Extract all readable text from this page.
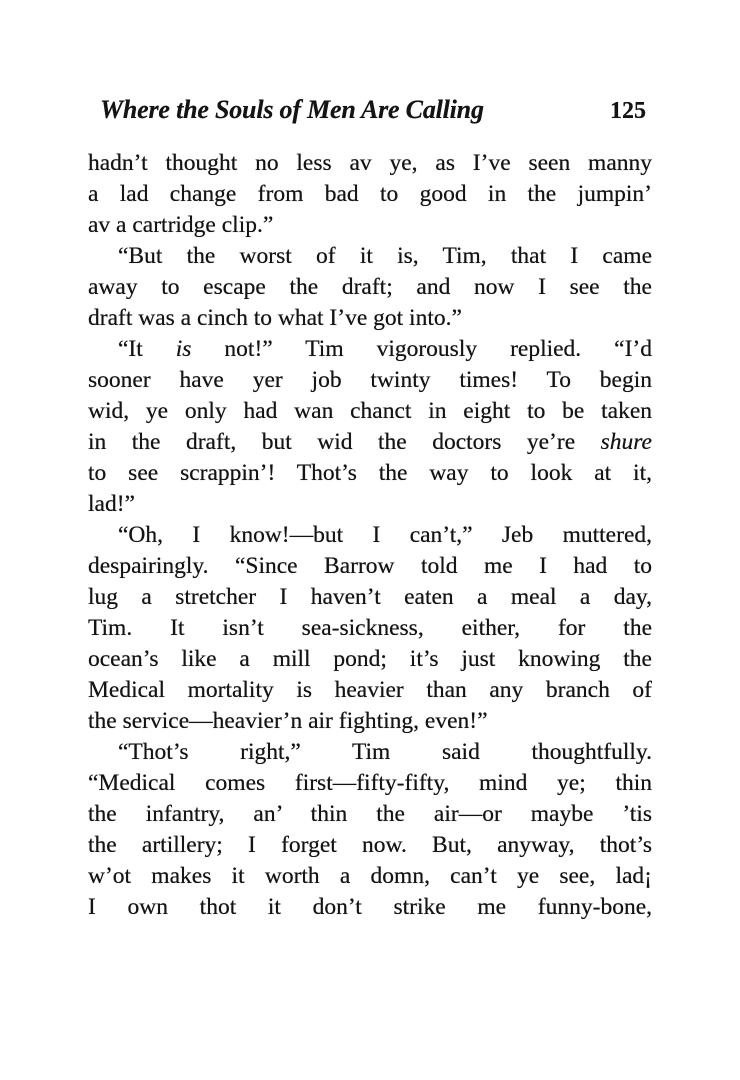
Where the Souls of Men Are Calling	125
hadn’t thought no less av ye, as I’ve seen manny
a lad change from bad to good in the jumpin’
av a cartridge clip.”
“But the worst of it is, Tim, that I came
away to escape the draft; and now I see the
draft was a cinch to what I’ve got into.”
“It is not!” Tim vigorously replied. “I’d
sooner have yer job twinty times! To begin
wid, ye only had wan chanct in eight to be taken
in the draft, but wid the doctors ye’re shure
to see scrappin’! Thot’s the way to look at it,
lad!”
“Oh, I know!—but I can’t,” Jeb muttered,
despairingly. “Since Barrow told me I had to
lug a stretcher I haven’t eaten a meal a day,
Tim. It isn’t sea-sickness, either, for the
ocean’s like a mill pond; it’s just knowing the
Medical mortality is heavier than any branch of
the service—heavier’n air fighting, even!”
“Thot’s right,” Tim said thoughtfully.
“Medical comes first—fifty-fifty, mind ye; thin
the infantry, an’ thin the air—or maybe ’tis
the artillery; I forget now. But, anyway, thot’s
w’ot makes it worth a domn, can’t ye see, lad¡
I own thot it don’t strike me funny-bone,
